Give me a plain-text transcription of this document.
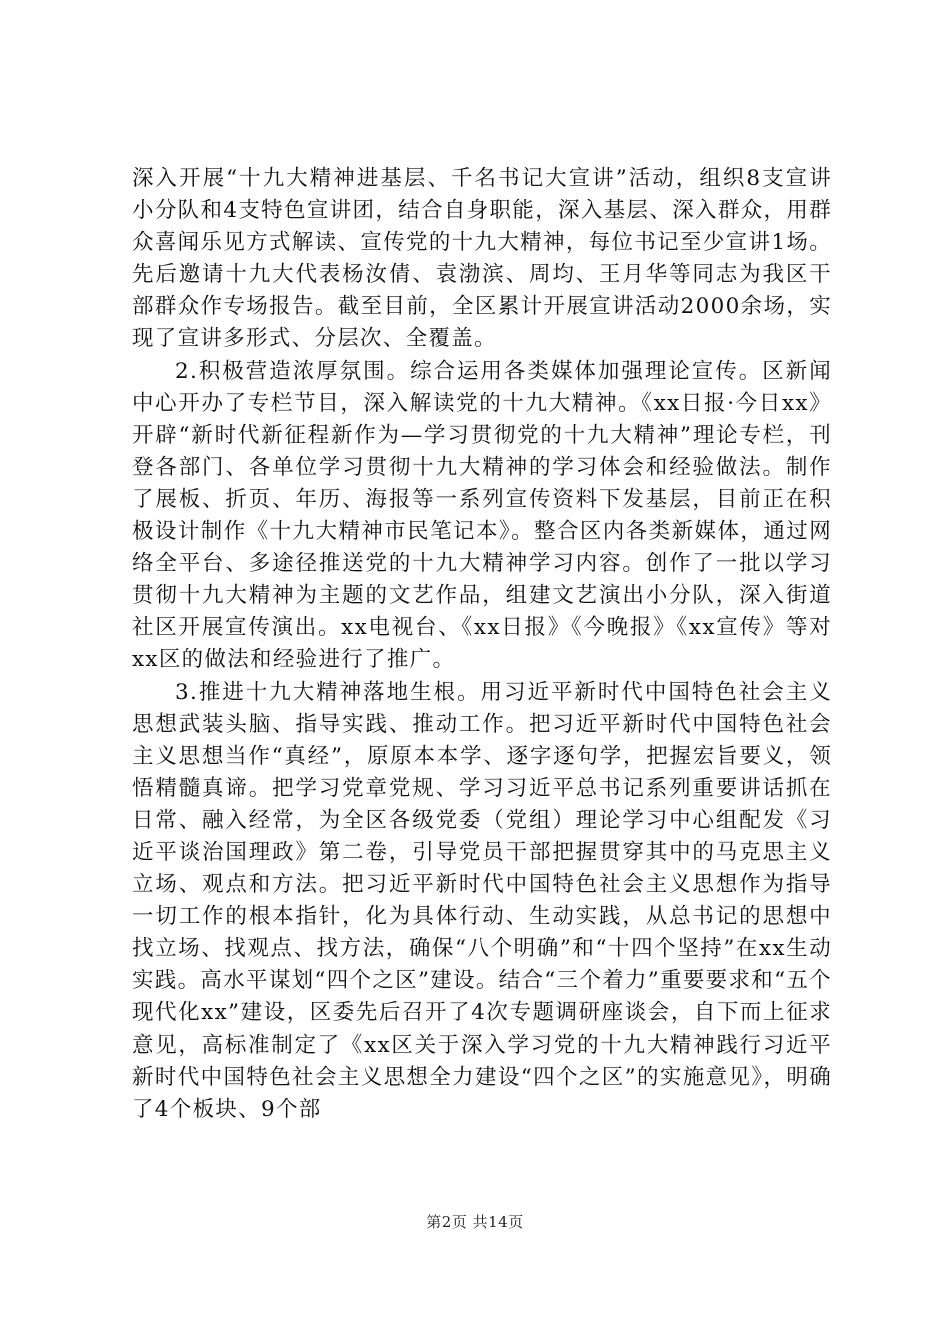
深入开展“十九大精神进基层、千名书记大宣讲”活动，组织8支宣讲小分队和4支特色宣讲团，结合自身职能，深入基层、深入群众，用群众喜闻乐见方式解读、宣传党的十九大精神，每位书记至少宣讲1场。先后邀请十九大代表杨汝倩、袁渤滨、周均、王月华等同志为我区干部群众作专场报告。截至目前，全区累计开展宣讲活动2000余场，实现了宣讲多形式、分层次、全覆盖。

2.积极营造浓厚氛围。综合运用各类媒体加强理论宣传。区新闻中心开办了专栏节目，深入解读党的十九大精神。《xx日报·今日xx》开辟“新时代新征程新作为—学习贯彻党的十九大精神”理论专栏，刊登各部门、各单位学习贯彻十九大精神的学习体会和经验做法。制作了展板、折页、年历、海报等一系列宣传资料下发基层，目前正在积极设计制作《十九大精神市民笔记本》。整合区内各类新媒体，通过网络全平台、多途径推送党的十九大精神学习内容。创作了一批以学习贯彻十九大精神为主题的文艺作品，组建文艺演出小分队，深入街道社区开展宣传演出。xx电视台、《xx日报》《今晚报》《xx宣传》等对xx区的做法和经验进行了推广。

3.推进十九大精神落地生根。用习近平新时代中国特色社会主义思想武装头脑、指导实践、推动工作。把习近平新时代中国特色社会主义思想当作“真经”，原原本本学、逐字逐句学，把握宏旨要义，领悟精髓真谛。把学习党章党规、学习习近平总书记系列重要讲话抓在日常、融入经常，为全区各级党委（党组）理论学习中心组配发《习近平谈治国理政》第二卷，引导党员干部把握贯穿其中的马克思主义立场、观点和方法。把习近平新时代中国特色社会主义思想作为指导一切工作的根本指针，化为具体行动、生动实践，从总书记的思想中找立场、找观点、找方法，确保“八个明确”和“十四个坚持”在xx生动实践。高水平谋划“四个之区”建设。结合“三个着力”重要要求和“五个现代化xx”建设，区委先后召开了4次专题调研座谈会，自下而上征求意见，高标准制定了《xx区关于深入学习党的十九大精神践行习近平新时代中国特色社会主义思想全力建设“四个之区”的实施意见》，明确了4个板块、9个部

第2页 共14页
